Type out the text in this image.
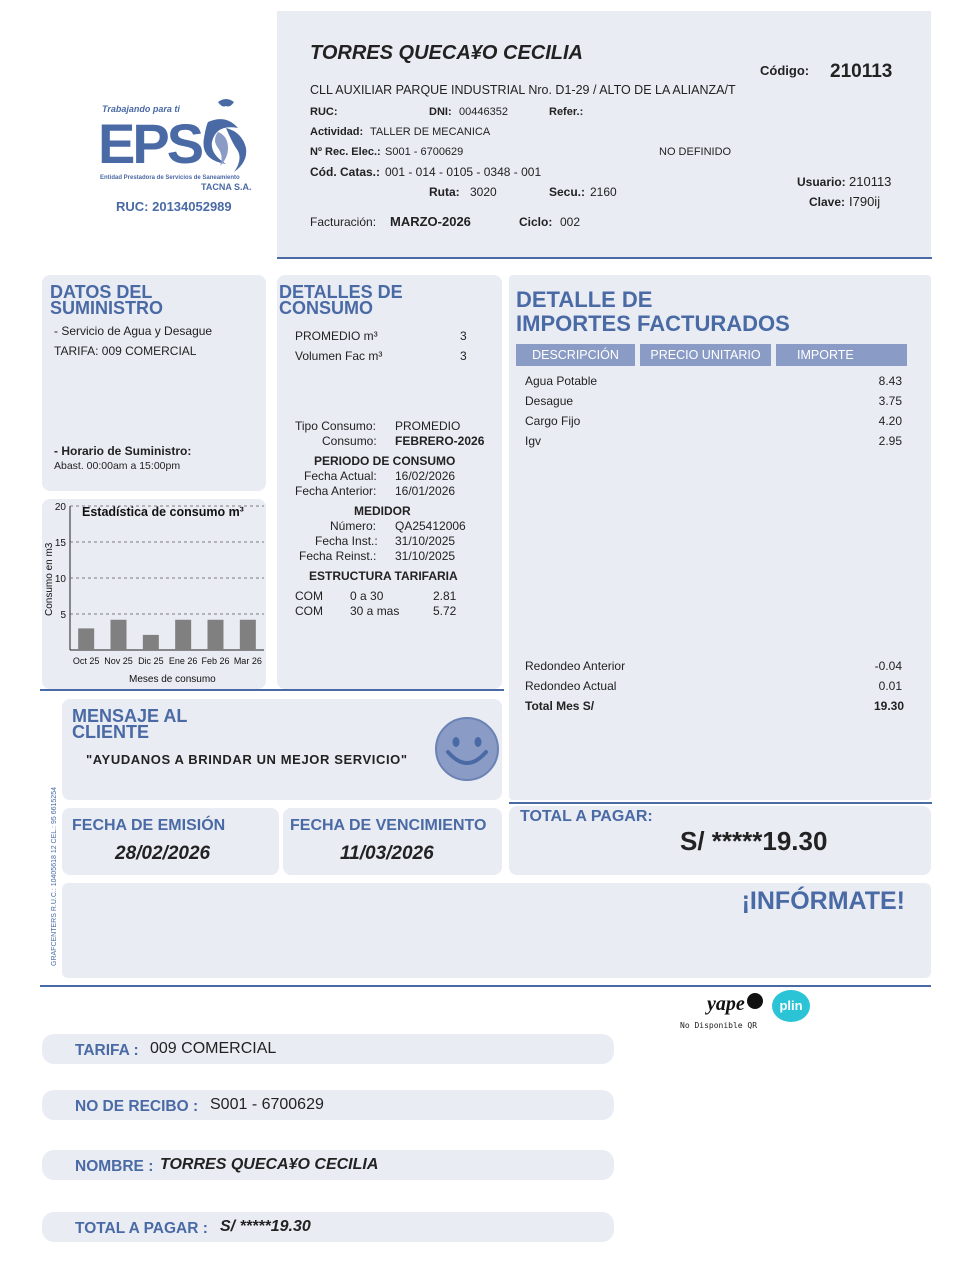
TORRES QUECA¥O CECILIA
Código: 210113
CLL AUXILIAR PARQUE INDUSTRIAL Nro. D1-29 / ALTO DE LA ALIANZA/T
RUC:	DNI: 00446352	Refer.:
Actividad: TALLER DE MECANICA
Nº Rec. Elec.: S001 - 6700629	NO DEFINIDO
Cód. Catas.: 001 - 014 - 0105 - 0348 - 001
Ruta: 3020	Secu.: 2160
Usuario: 210113
Clave: I790ij
Facturación: MARZO-2026	Ciclo: 002
Trabajando para ti
EPS
Entidad Prestadora de Servicios de Saneamiento
TACNA S.A.
RUC: 20134052989
DATOS DEL
SUMINISTRO
- Servicio de Agua y Desague
TARIFA: 009 COMERCIAL
- Horario de Suministro:
Abast. 00:00am a 15:00pm
Estadística de consumo m³
Consumo en m3
Meses de consumo
5
10
15
20
Oct 25 Nov 25 Dic 25 Ene 26 Feb 26 Mar 26
DETALLES DE
CONSUMO
PROMEDIO m³	3
Volumen Fac m³	3
Tipo Consumo: PROMEDIO
Consumo: FEBRERO-2026
PERIODO DE CONSUMO
Fecha Actual: 16/02/2026
Fecha Anterior: 16/01/2026
MEDIDOR
Número: QA25412006
Fecha Inst.: 31/10/2025
Fecha Reinst.: 31/10/2025
ESTRUCTURA TARIFARIA
COM 0 a 30	2.81
COM 30 a mas	5.72
DETALLE DE
IMPORTES FACTURADOS
DESCRIPCIÓN	PRECIO UNITARIO	IMPORTE
Agua Potable	8.43
Desague	3.75
Cargo Fijo	4.20
Igv	2.95
Redondeo Anterior	-0.04
Redondeo Actual	0.01
Total Mes S/	19.30
MENSAJE AL
CLIENTE
"AYUDANOS A BRINDAR UN MEJOR SERVICIO"
GRAFCENTERS R.U.C.: 10405618 12 CEL.: 95 6615254 FECHA DE EMISIÓN
28/02/2026
FECHA DE VENCIMIENTO
11/03/2026
TOTAL A PAGAR:
S/ *****19.30
¡INFÓRMATE!
yape	plin
No Disponible QR
TARIFA : 009 COMERCIAL
NO DE RECIBO : S001 - 6700629
NOMBRE : TORRES QUECA¥O CECILIA
TOTAL A PAGAR : S/ *****19.30
